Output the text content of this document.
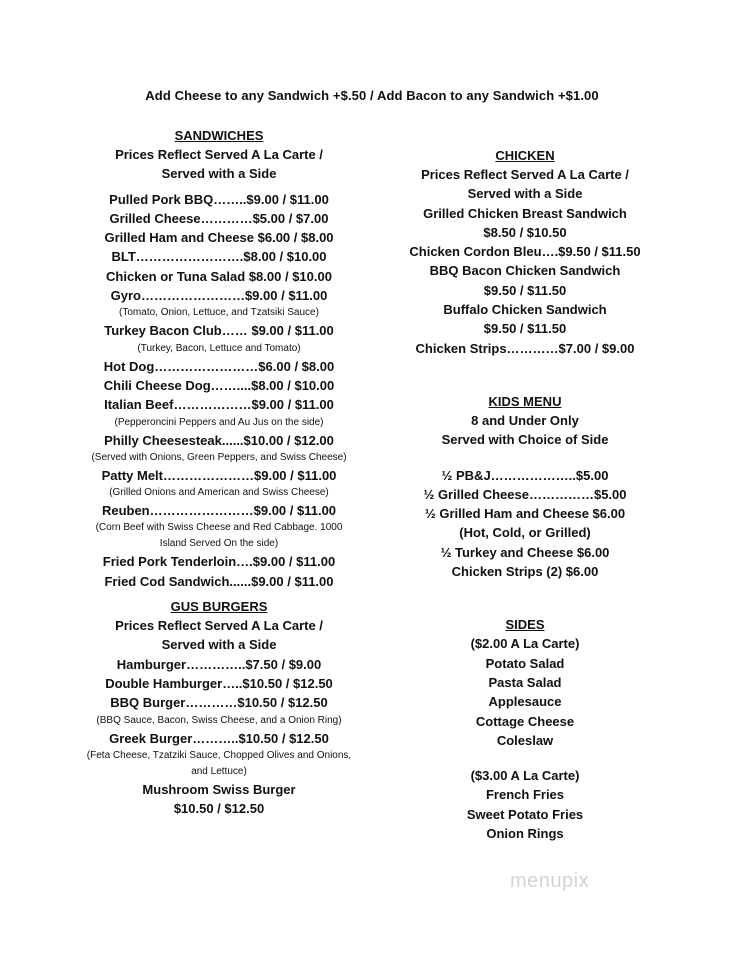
Add Cheese to any Sandwich +$.50 / Add Bacon to any Sandwich +$1.00
SANDWICHES
Prices Reflect Served A La Carte /
Served with a Side
Pulled Pork BBQ……..$9.00 / $11.00
Grilled Cheese…………$5.00 / $7.00
Grilled Ham and Cheese $6.00 / $8.00
BLT…………………….$8.00 / $10.00
Chicken or Tuna Salad $8.00 / $10.00
Gyro……………………$9.00 / $11.00
(Tomato, Onion, Lettuce, and Tzatsiki Sauce)
Turkey Bacon Club…… $9.00 / $11.00
(Turkey, Bacon, Lettuce and Tomato)
Hot Dog……………………$6.00 / $8.00
Chili Cheese Dog……....$8.00 / $10.00
Italian Beef………………$9.00 / $11.00
(Pepperoncini Peppers and Au Jus on the side)
Philly Cheesesteak......$10.00 / $12.00
(Served with Onions, Green Peppers, and Swiss Cheese)
Patty Melt…………………$9.00 / $11.00
(Grilled Onions and American and Swiss Cheese)
Reuben……………………$9.00 / $11.00
(Corn Beef with Swiss Cheese and Red Cabbage. 1000 Island Served On the side)
Fried Pork Tenderloin….$9.00 / $11.00
Fried Cod Sandwich......$9.00 / $11.00
GUS BURGERS
Prices Reflect Served A La Carte /
Served with a Side
Hamburger…………..$7.50 / $9.00
Double Hamburger…..$10.50 / $12.50
BBQ Burger…………$10.50 / $12.50
(BBQ Sauce, Bacon, Swiss Cheese, and a Onion Ring)
Greek Burger………..$10.50 / $12.50
(Feta Cheese, Tzatziki Sauce, Chopped Olives and Onions, and Lettuce)
Mushroom Swiss Burger
$10.50 / $12.50
CHICKEN
Prices Reflect Served A La Carte /
Served with a Side
Grilled Chicken Breast Sandwich
$8.50 / $10.50
Chicken Cordon Bleu….$9.50 / $11.50
BBQ Bacon Chicken Sandwich
$9.50 / $11.50
Buffalo Chicken Sandwich
$9.50 / $11.50
Chicken Strips…………$7.00 / $9.00
KIDS MENU
8 and Under Only
Served with Choice of Side
½ PB&J………………..$5.00
½ Grilled Cheese……………$5.00
½ Grilled Ham and Cheese $6.00
(Hot, Cold, or Grilled)
½ Turkey and Cheese $6.00
Chicken Strips (2) $6.00
SIDES
($2.00 A La Carte)
Potato Salad
Pasta Salad
Applesauce
Cottage Cheese
Coleslaw
($3.00 A La Carte)
French Fries
Sweet Potato Fries
Onion Rings
menupix
